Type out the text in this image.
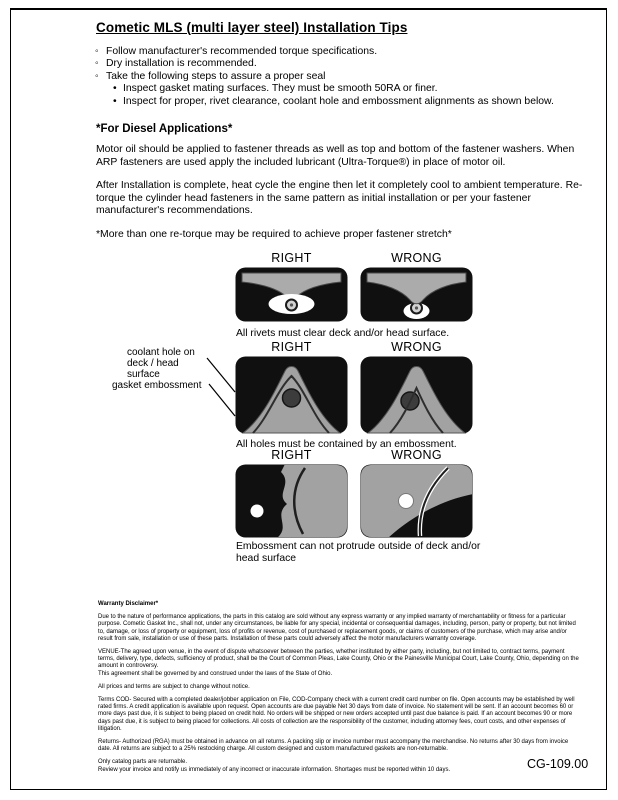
Cometic MLS (multi layer steel) Installation Tips
◦ Follow manufacturer's recommended torque specifications.
◦ Dry installation is recommended.
◦ Take the following steps to assure a proper seal
• Inspect gasket mating surfaces. They must be smooth 50RA or finer.
• Inspect for proper, rivet clearance, coolant hole and embossment alignments as shown below.
*For Diesel Applications*

Motor oil should be applied to fastener threads as well as top and bottom of the fastener washers. When ARP fasteners are used apply the included lubricant (Ultra-Torque®) in place of motor oil.

After Installation is complete, heat cycle the engine then let it completely cool to ambient temperature. Re-torque the cylinder head fasteners in the same pattern as initial installation or per your fastener manufacturer's recommendations.

*More than one re-torque may be required to achieve proper fastener stretch*

RIGHT	WRONG
All rivets must clear deck and/or head surface.
RIGHT	WRONG
coolant hole on deck / head surface
gasket embossment
All holes must be contained by an embossment.
RIGHT	WRONG
Embossment can not protrude outside of deck and/or head surface

Warranty Disclaimer*

Due to the nature of performance applications, the parts in this catalog are sold without any express warranty or any implied warranty of merchantability or fitness for a particular purpose. Cometic Gasket Inc., shall not, under any circumstances, be liable for any special, incidental or consequential damages, including, person, party or property, but not limited to, damage, or loss of property or equipment, loss of profits or revenue, cost of purchased or replacement goods, or claims of customers of the purchase, which may arise and/or result from sale, installation or use of these parts. Installation of these parts could adversely affect the motor manufacturers warranty coverage.

VENUE-The agreed upon venue, in the event of dispute whatsoever between the parties, whether instituted by either party, including, but not limited to, contract terms, payment terms, delivery, type, defects, sufficiency of product, shall be the Court of Common Pleas, Lake County, Ohio or the Painesville Municipal Court, Lake County, Ohio, depending on the amount in controversy.

This agreement shall be governed by and construed under the laws of the State of Ohio.

All prices and terms are subject to change without notice.

Terms COD- Secured with a completed dealer/jobber application on File, COD-Company check with a current credit card number on file. Open accounts may be established by well rated firms. A credit application is available upon request. Open accounts are due payable Net 30 days from date of invoice. No statement will be sent. If an account becomes 60 or more days past due, it is subject to being placed on credit hold. No orders will be shipped or new orders accepted until past due balance is paid. If an account becomes 90 or more days past due, it is subject to being placed for collections. All costs of collection are the responsibility of the customer, including attorney fees, court costs, and other expenses of litigation.

Returns- Authorized (RGA) must be obtained in advance on all returns. A packing slip or invoice number must accompany the merchandise. No returns after 30 days from invoice date. All returns are subject to a 25% restocking charge. All custom designed and custom manufactured gaskets are non-returnable.

Only catalog parts are returnable.

Review your invoice and notify us immediately of any incorrect or inaccurate information. Shortages must be reported within 10 days.	CG-109.00
